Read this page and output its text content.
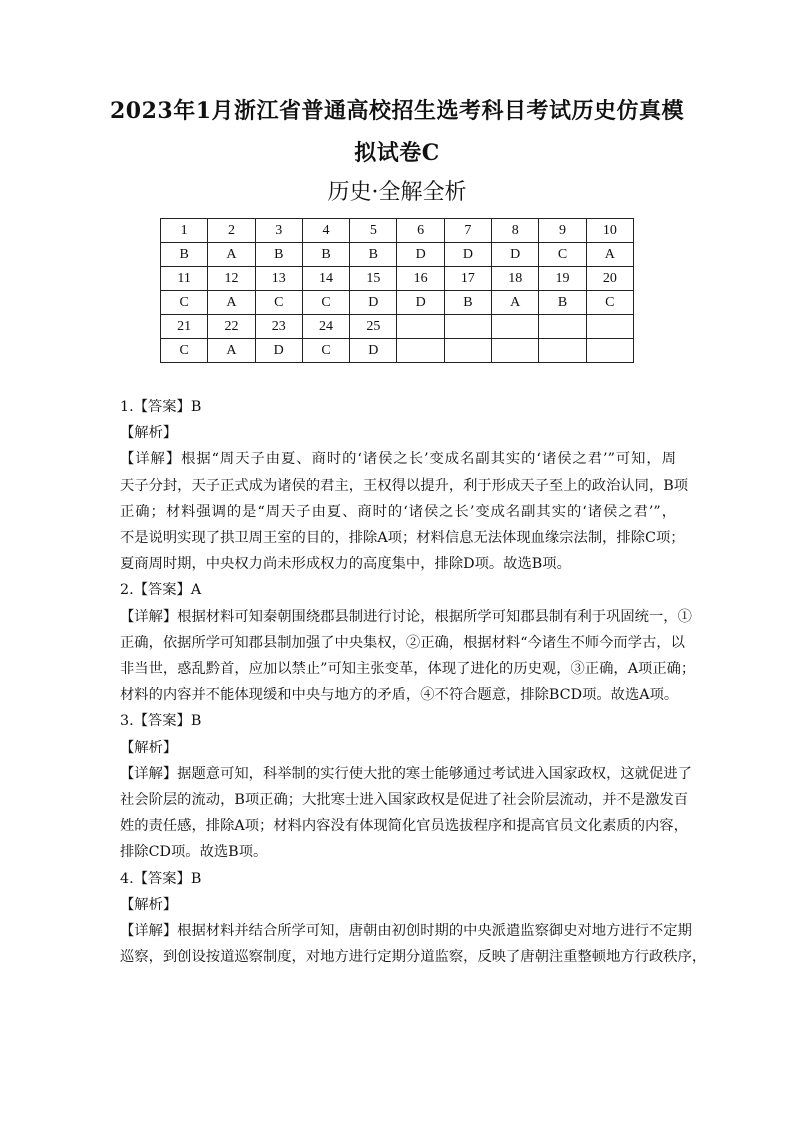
2023年1月浙江省普通高校招生选考科目考试历史仿真模
拟试卷C
历史·全解全析
1	2	3	4	5	6	7	8	9	10
B	A	B	B	B	D	D	D	C	A
11	12	13	14	15	16	17	18	19	20
C	A	C	C	D	D	B	A	B	C
21	22	23	24	25					
C	A	D	C	D					
1.【答案】B
【解析】
【详解】根据“周天子由夏、商时的‘诸侯之长’变成名副其实的‘诸侯之君’”可知，周
天子分封，天子正式成为诸侯的君主，王权得以提升，利于形成天子至上的政治认同，B项
正确；材料强调的是“周天子由夏、商时的‘诸侯之长’变成名副其实的‘诸侯之君’”，
不是说明实现了拱卫周王室的目的，排除A项；材料信息无法体现血缘宗法制，排除C项；
夏商周时期，中央权力尚未形成权力的高度集中，排除D项。故选B项。
2.【答案】A
【详解】根据材料可知秦朝围绕郡县制进行讨论，根据所学可知郡县制有利于巩固统一，①
正确，依据所学可知郡县制加强了中央集权，②正确，根据材料“今诸生不师今而学古，以
非当世，惑乱黔首，应加以禁止”可知主张变革，体现了进化的历史观，③正确，A项正确；
材料的内容并不能体现缓和中央与地方的矛盾，④不符合题意，排除BCD项。故选A项。
3.【答案】B
【解析】
【详解】据题意可知，科举制的实行使大批的寒士能够通过考试进入国家政权，这就促进了
社会阶层的流动，B项正确；大批寒士进入国家政权是促进了社会阶层流动，并不是激发百
姓的责任感，排除A项；材料内容没有体现简化官员选拔程序和提高官员文化素质的内容，
排除CD项。故选B项。
4.【答案】B
【解析】
【详解】根据材料并结合所学可知，唐朝由初创时期的中央派遣监察御史对地方进行不定期
巡察，到创设按道巡察制度，对地方进行定期分道监察，反映了唐朝注重整顿地方行政秩序，
